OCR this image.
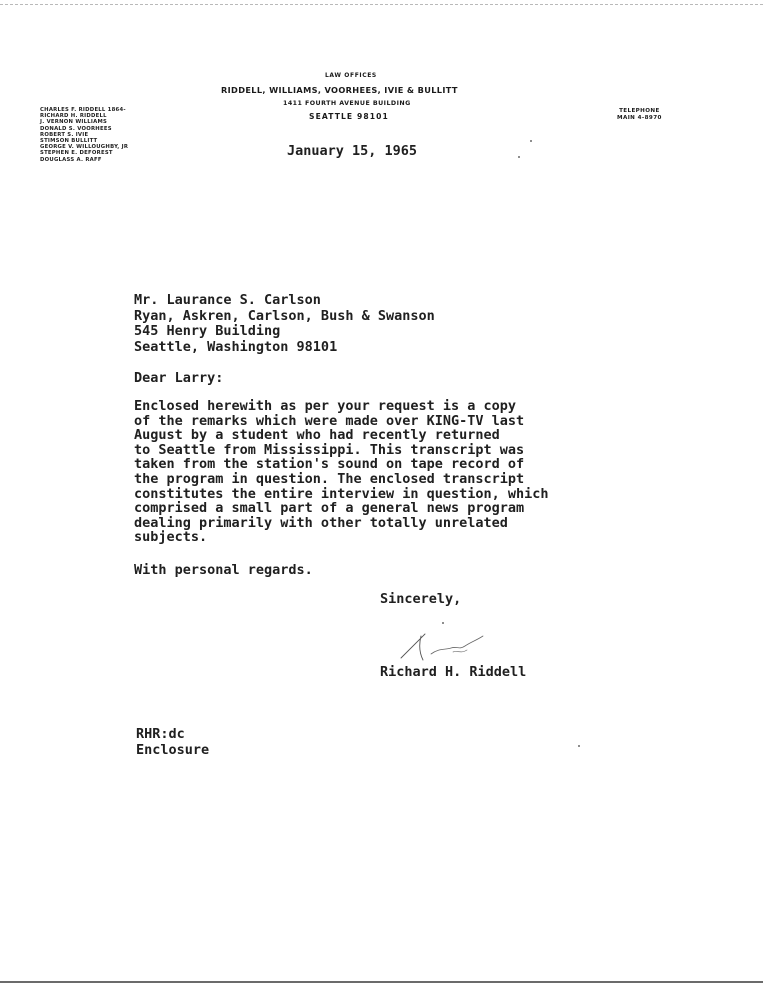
LAW OFFICES
RIDDELL, WILLIAMS, VOORHEES, IVIE & BULLITT
1411 FOURTH AVENUE BUILDING
SEATTLE 98101
TELEPHONE
MAIN 4-8970
CHARLES F. RIDDELL 1864-
RICHARD H. RIDDELL
J. VERNON WILLIAMS
DONALD S. VOORHEES
ROBERT S. IVIE
STIMSON BULLITT
GEORGE V. WILLOUGHBY, JR
STEPHEN E. DEFOREST
DOUGLASS A. RAFF
January 15, 1965
Mr. Laurance S. Carlson
Ryan, Askren, Carlson, Bush & Swanson
545 Henry Building
Seattle, Washington 98101
Dear Larry:
Enclosed herewith as per your request is a copy
of the remarks which were made over KING-TV last
August by a student who had recently returned
to Seattle from Mississippi. This transcript was
taken from the station's sound on tape record of
the program in question. The enclosed transcript
constitutes the entire interview in question, which
comprised a small part of a general news program
dealing primarily with other totally unrelated
subjects.
With personal regards.
Sincerely,
Richard H. Riddell
RHR:dc
Enclosure
